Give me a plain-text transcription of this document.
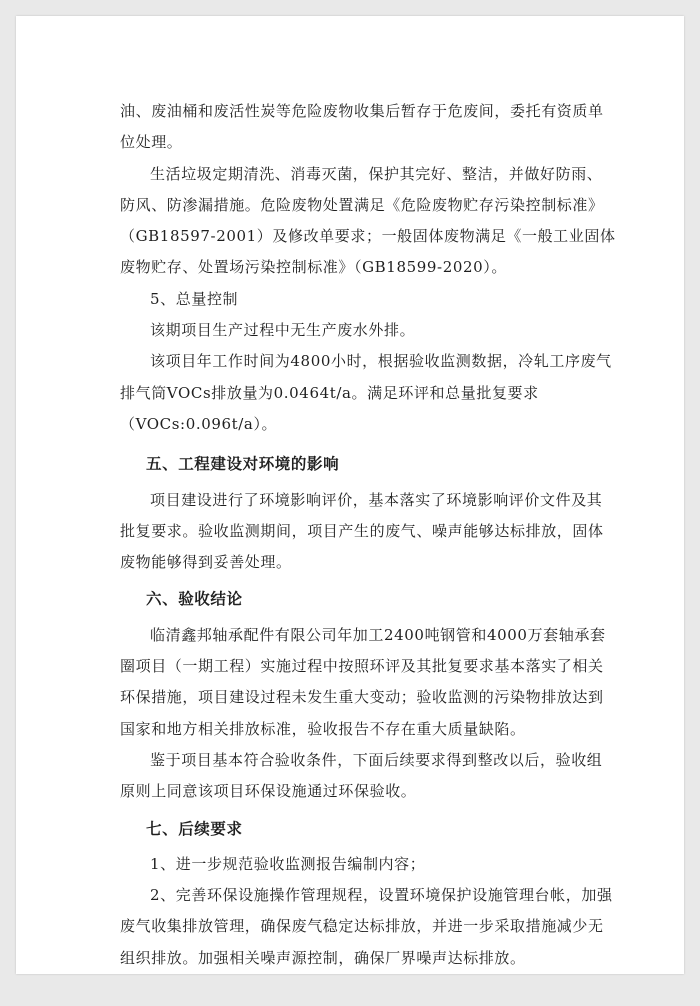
油、废油桶和废活性炭等危险废物收集后暂存于危废间，委托有资质单位处理。

生活垃圾定期清洗、消毒灭菌，保护其完好、整洁，并做好防雨、防风、防渗漏措施。危险废物处置满足《危险废物贮存污染控制标准》（GB18597-2001）及修改单要求；一般固体废物满足《一般工业固体废物贮存、处置场污染控制标准》（GB18599-2020）。

5、总量控制

该期项目生产过程中无生产废水外排。

该项目年工作时间为4800小时，根据验收监测数据，冷轧工序废气排气筒VOCs排放量为0.0464t/a。满足环评和总量批复要求（VOCs:0.096t/a）。

五、工程建设对环境的影响

项目建设进行了环境影响评价，基本落实了环境影响评价文件及其批复要求。验收监测期间，项目产生的废气、噪声能够达标排放，固体废物能够得到妥善处理。

六、验收结论

临清鑫邦轴承配件有限公司年加工2400吨钢管和4000万套轴承套圈项目（一期工程）实施过程中按照环评及其批复要求基本落实了相关环保措施，项目建设过程未发生重大变动；验收监测的污染物排放达到国家和地方相关排放标准，验收报告不存在重大质量缺陷。

鉴于项目基本符合验收条件，下面后续要求得到整改以后，验收组原则上同意该项目环保设施通过环保验收。

七、后续要求

1、进一步规范验收监测报告编制内容；

2、完善环保设施操作管理规程，设置环境保护设施管理台帐，加强废气收集排放管理，确保废气稳定达标排放，并进一步采取措施减少无组织排放。加强相关噪声源控制，确保厂界噪声达标排放。
